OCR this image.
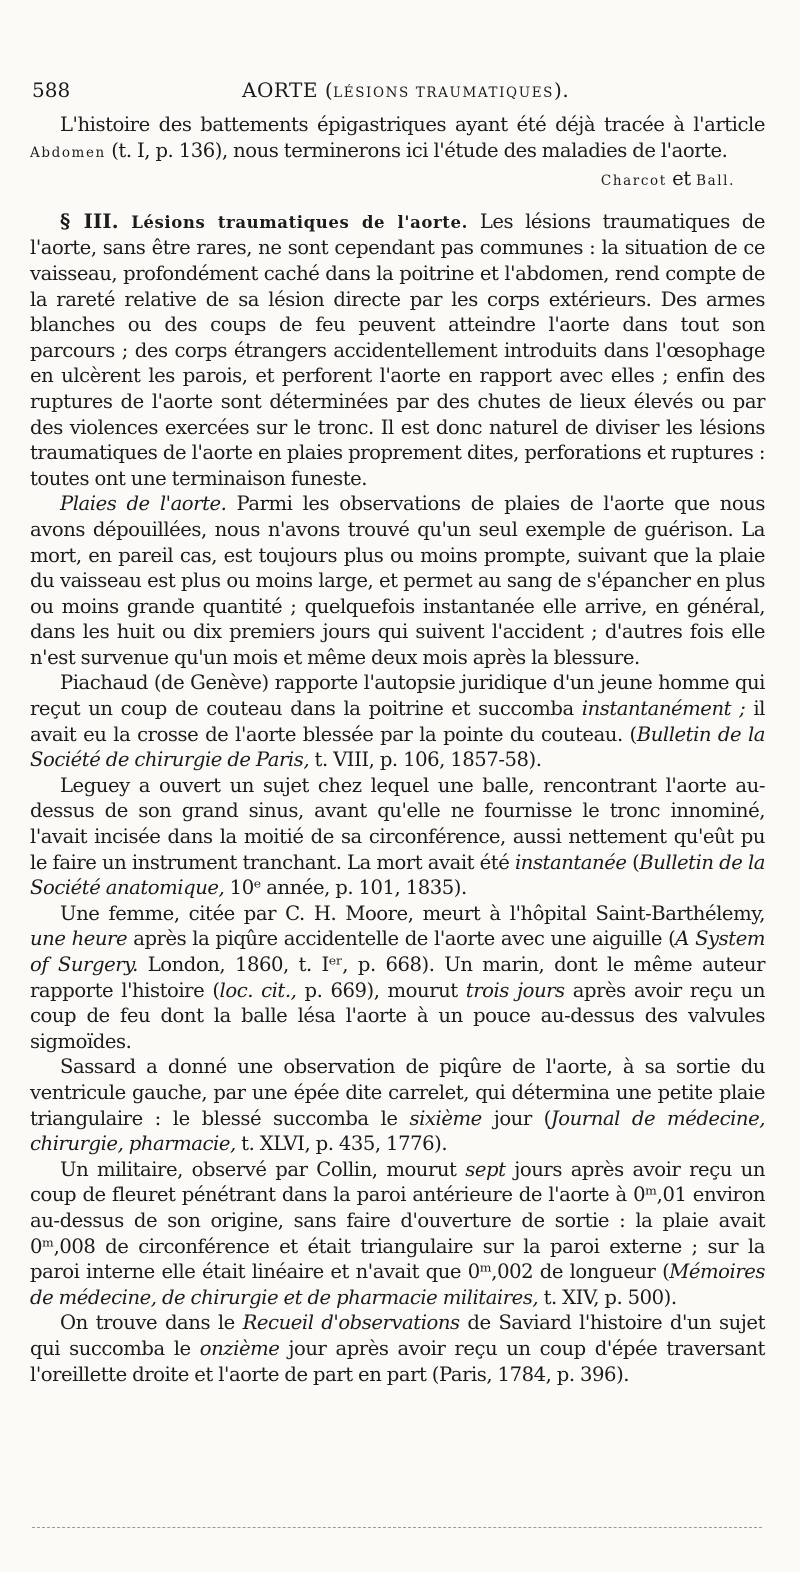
588	AORTE (LÉSIONS TRAUMATIQUES).

L'histoire des battements épigastriques ayant été déjà tracée à l'article Abdomen (t. I, p. 136), nous terminerons ici l'étude des maladies de l'aorte.

Charcot et Ball.

§ III. Lésions traumatiques de l'aorte. Les lésions traumatiques de l'aorte, sans être rares, ne sont cependant pas communes : la situation de ce vaisseau, profondément caché dans la poitrine et l'abdomen, rend compte de la rareté relative de sa lésion directe par les corps extérieurs. Des armes blanches ou des coups de feu peuvent atteindre l'aorte dans tout son parcours ; des corps étrangers accidentellement introduits dans l'œsophage en ulcèrent les parois, et perforent l'aorte en rapport avec elles ; enfin des ruptures de l'aorte sont déterminées par des chutes de lieux élevés ou par des violences exercées sur le tronc. Il est donc naturel de diviser les lésions traumatiques de l'aorte en plaies proprement dites, perforations et ruptures : toutes ont une terminaison funeste.

Plaies de l'aorte. Parmi les observations de plaies de l'aorte que nous avons dépouillées, nous n'avons trouvé qu'un seul exemple de guérison. La mort, en pareil cas, est toujours plus ou moins prompte, suivant que la plaie du vaisseau est plus ou moins large, et permet au sang de s'épancher en plus ou moins grande quantité ; quelquefois instantanée elle arrive, en général, dans les huit ou dix premiers jours qui suivent l'accident ; d'autres fois elle n'est survenue qu'un mois et même deux mois après la blessure.

Piachaud (de Genève) rapporte l'autopsie juridique d'un jeune homme qui reçut un coup de couteau dans la poitrine et succomba instantanément ; il avait eu la crosse de l'aorte blessée par la pointe du couteau. (Bulletin de la Société de chirurgie de Paris, t. VIII, p. 106, 1857-58).

Leguey a ouvert un sujet chez lequel une balle, rencontrant l'aorte au-dessus de son grand sinus, avant qu'elle ne fournisse le tronc innominé, l'avait incisée dans la moitié de sa circonférence, aussi nettement qu'eût pu le faire un instrument tranchant. La mort avait été instantanée (Bulletin de la Société anatomique, 10ᵉ année, p. 101, 1835).

Une femme, citée par C. H. Moore, meurt à l'hôpital Saint-Barthélemy, une heure après la piqûre accidentelle de l'aorte avec une aiguille (A System of Surgery. London, 1860, t. Iᵉʳ, p. 668). Un marin, dont le même auteur rapporte l'histoire (loc. cit., p. 669), mourut trois jours après avoir reçu un coup de feu dont la balle lésa l'aorte à un pouce au-dessus des valvules sigmoïdes.

Sassard a donné une observation de piqûre de l'aorte, à sa sortie du ventricule gauche, par une épée dite carrelet, qui détermina une petite plaie triangulaire : le blessé succomba le sixième jour (Journal de médecine, chirurgie, pharmacie, t. XLVI, p. 435, 1776).

Un militaire, observé par Collin, mourut sept jours après avoir reçu un coup de fleuret pénétrant dans la paroi antérieure de l'aorte à 0ᵐ,01 environ au-dessus de son origine, sans faire d'ouverture de sortie : la plaie avait 0ᵐ,008 de circonférence et était triangulaire sur la paroi externe ; sur la paroi interne elle était linéaire et n'avait que 0ᵐ,002 de longueur (Mémoires de médecine, de chirurgie et de pharmacie militaires, t. XIV, p. 500).

On trouve dans le Recueil d'observations de Saviard l'histoire d'un sujet qui succomba le onzième jour après avoir reçu un coup d'épée traversant l'oreillette droite et l'aorte de part en part (Paris, 1784, p. 396).
